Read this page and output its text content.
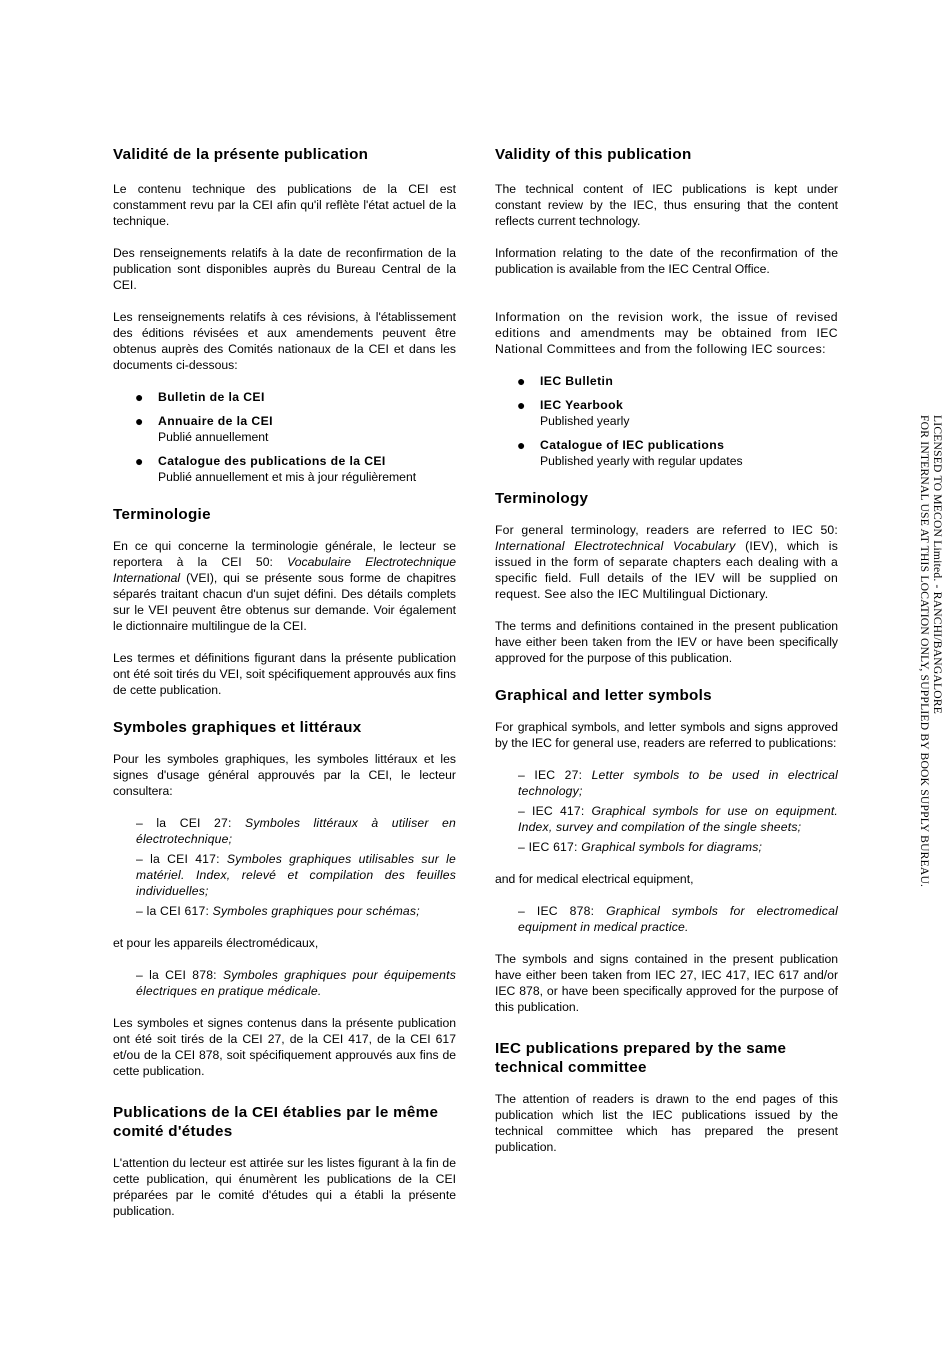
Validité de la présente publication

Le contenu technique des publications de la CEI est constamment revu par la CEI afin qu'il reflète l'état actuel de la technique.

Des renseignements relatifs à la date de reconfirmation de la publication sont disponibles auprès du Bureau Central de la CEI.

Les renseignements relatifs à ces révisions, à l'établissement des éditions révisées et aux amendements peuvent être obtenus auprès des Comités nationaux de la CEI et dans les documents ci-dessous:

● Bulletin de la CEI
● Annuaire de la CEI
Publié annuellement
● Catalogue des publications de la CEI
Publié annuellement et mis à jour régulièrement
Terminologie

En ce qui concerne la terminologie générale, le lecteur se reportera à la CEI 50: Vocabulaire Electrotechnique International (VEI), qui se présente sous forme de chapitres séparés traitant chacun d'un sujet défini. Des détails complets sur le VEI peuvent être obtenus sur demande. Voir également le dictionnaire multilingue de la CEI.

Les termes et définitions figurant dans la présente publication ont été soit tirés du VEI, soit spécifiquement approuvés aux fins de cette publication.

Symboles graphiques et littéraux

Pour les symboles graphiques, les symboles littéraux et les signes d'usage général approuvés par la CEI, le lecteur consultera:

– la CEI 27: Symboles littéraux à utiliser en électrotechnique;
– la CEI 417: Symboles graphiques utilisables sur le matériel. Index, relevé et compilation des feuilles individuelles;
– la CEI 617: Symboles graphiques pour schémas;

et pour les appareils électromédicaux,

– la CEI 878: Symboles graphiques pour équipements électriques en pratique médicale.

Les symboles et signes contenus dans la présente publication ont été soit tirés de la CEI 27, de la CEI 417, de la CEI 617 et/ou de la CEI 878, soit spécifiquement approuvés aux fins de cette publication.

Publications de la CEI établies par le même comité d'études

L'attention du lecteur est attirée sur les listes figurant à la fin de cette publication, qui énumèrent les publications de la CEI préparées par le comité d'études qui a établi la présente publication.

Validity of this publication

The technical content of IEC publications is kept under constant review by the IEC, thus ensuring that the content reflects current technology.

Information relating to the date of the reconfirmation of the publication is available from the IEC Central Office.

Information on the revision work, the issue of revised editions and amendments may be obtained from IEC National Committees and from the following IEC sources:

● IEC Bulletin
● IEC Yearbook
Published yearly
● Catalogue of IEC publications
Published yearly with regular updates
Terminology

For general terminology, readers are referred to IEC 50: International Electrotechnical Vocabulary (IEV), which is issued in the form of separate chapters each dealing with a specific field. Full details of the IEV will be supplied on request. See also the IEC Multilingual Dictionary.

The terms and definitions contained in the present publication have either been taken from the IEV or have been specifically approved for the purpose of this publication.

Graphical and letter symbols

For graphical symbols, and letter symbols and signs approved by the IEC for general use, readers are referred to publications:

– IEC 27: Letter symbols to be used in electrical technology;
– IEC 417: Graphical symbols for use on equipment. Index, survey and compilation of the single sheets;
– IEC 617: Graphical symbols for diagrams;

and for medical electrical equipment,

– IEC 878: Graphical symbols for electromedical equipment in medical practice.

The symbols and signs contained in the present publication have either been taken from IEC 27, IEC 417, IEC 617 and/or IEC 878, or have been specifically approved for the purpose of this publication.

IEC publications prepared by the same technical committee

The attention of readers is drawn to the end pages of this publication which list the IEC publications issued by the technical committee which has prepared the present publication.

LICENSED TO MECON Limited. - RANCHI/BANGALORE
FOR INTERNAL USE AT THIS LOCATION ONLY, SUPPLIED BY BOOK SUPPLY BUREAU.
